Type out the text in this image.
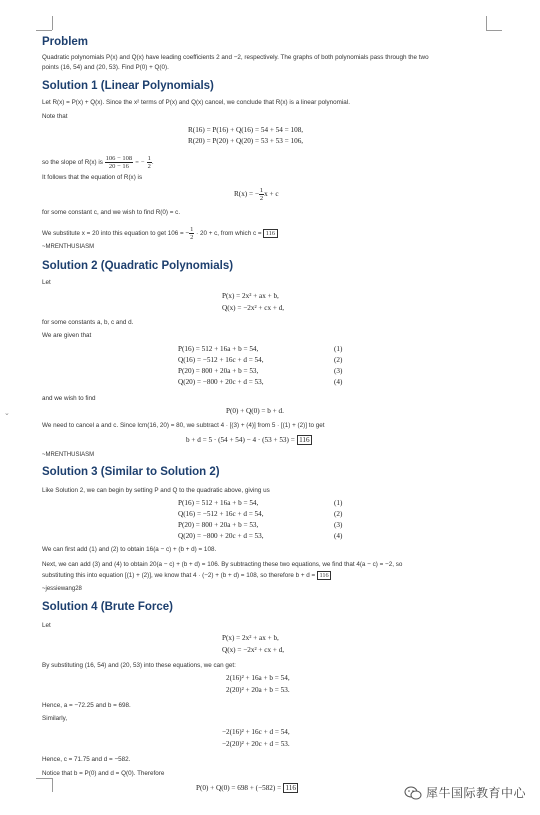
⌄
Problem

Quadratic polynomials P(x) and Q(x) have leading coefficients 2 and −2, respectively. The graphs of both polynomials pass through the two

points (16, 54) and (20, 53). Find P(0) + Q(0).

Solution 1 (Linear Polynomials)

Let R(x) = P(x) + Q(x). Since the x² terms of P(x) and Q(x) cancel, we conclude that R(x) is a linear polynomial.

Note that

R(16) = P(16) + Q(16) = 54 + 54 = 108,
R(20) = P(20) + Q(20) = 53 + 53 = 106,

so the slope of R(x) is $\frac{106 - 108}{20 - 16}$ = − $\frac{1}{2}$ .

It follows that the equation of R(x) is

R(x) = − $\frac{1}{2}$ x + c

for some constant c, and we wish to find R(0) = c.

We substitute x = 20 into this equation to get 106 = − $\frac{1}{2} \cdot 20 + c$, from which c = 116

~MRENTHUSIASM
Solution 2 (Quadratic Polynomials)

Let

P(x) = 2x² + ax + b,
Q(x) = −2x² + cx + d,

for some constants a, b, c and d.

We are given that

P(16) = 512 + 16a + b = 54,	(1)
Q(16) = −512 + 16c + d = 54,	(2)
P(20) = 800 + 20a + b = 53,	(3)
Q(20) = −800 + 20c + d = 53,	(4)

and we wish to find

P(0) + Q(0) = b + d.

We need to cancel a and c. Since lcm(16, 20) = 80, we subtract 4 · [(3) + (4)] from 5 · [(1) + (2)] to get

b + d = 5 · (54 + 54) − 4 · (53 + 53) = 116
~MRENTHUSIASM
Solution 3 (Similar to Solution 2)

Like Solution 2, we can begin by setting P and Q to the quadratic above, giving us

P(16) = 512 + 16a + b = 54,	(1)
Q(16) = −512 + 16c + d = 54,	(2)
P(20) = 800 + 20a + b = 53,	(3)
Q(20) = −800 + 20c + d = 53,	(4)

We can first add (1) and (2) to obtain 16(a − c) + (b + d) = 108.

Next, we can add (3) and (4) to obtain 20(a − c) + (b + d) = 106. By subtracting these two equations, we find that 4(a − c) = −2, so

substituting this into equation [(1) + (2)], we know that 4 · (−2) + (b + d) = 108, so therefore b + d = 116

~jessiewang28
Solution 4 (Brute Force)

Let

P(x) = 2x² + ax + b,
Q(x) = −2x² + cx + d,

By substituting (16, 54) and (20, 53) into these equations, we can get:

2(16)² + 16a + b = 54,
2(20)² + 20a + b = 53.

Hence, a = −72.25 and b = 698.

Similarly,

−2(16)² + 16c + d = 54,
−2(20)² + 20c + d = 53.

Hence, c = 71.75 and d = −582.

Notice that b = P(0) and d = Q(0). Therefore

P(0) + Q(0) = 698 + (−582) = 116	犀牛国际教育中心
